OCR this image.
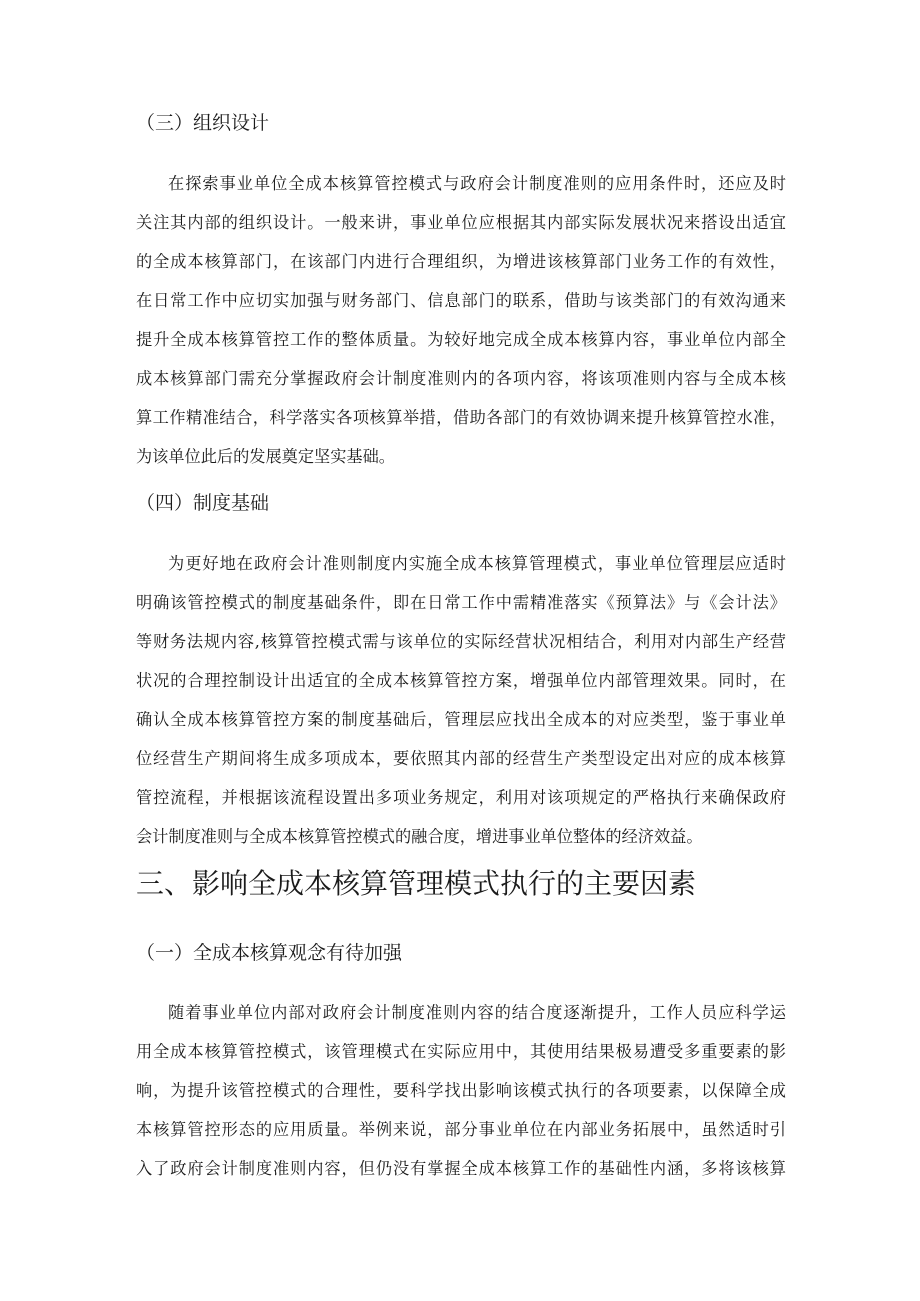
（三）组织设计

在探索事业单位全成本核算管控模式与政府会计制度准则的应用条件时，还应及时

关注其内部的组织设计。一般来讲，事业单位应根据其内部实际发展状况来搭设出适宜

的全成本核算部门，在该部门内进行合理组织，为增进该核算部门业务工作的有效性，

在日常工作中应切实加强与财务部门、信息部门的联系，借助与该类部门的有效沟通来

提升全成本核算管控工作的整体质量。为较好地完成全成本核算内容，事业单位内部全

成本核算部门需充分掌握政府会计制度准则内的各项内容，将该项准则内容与全成本核

算工作精准结合，科学落实各项核算举措，借助各部门的有效协调来提升核算管控水准，

为该单位此后的发展奠定坚实基础。

（四）制度基础

为更好地在政府会计准则制度内实施全成本核算管理模式，事业单位管理层应适时

明确该管控模式的制度基础条件，即在日常工作中需精准落实《预算法》与《会计法》

等财务法规内容,核算管控模式需与该单位的实际经营状况相结合，利用对内部生产经营

状况的合理控制设计出适宜的全成本核算管控方案，增强单位内部管理效果。同时，在

确认全成本核算管控方案的制度基础后，管理层应找出全成本的对应类型，鉴于事业单

位经营生产期间将生成多项成本，要依照其内部的经营生产类型设定出对应的成本核算

管控流程，并根据该流程设置出多项业务规定，利用对该项规定的严格执行来确保政府

会计制度准则与全成本核算管控模式的融合度，增进事业单位整体的经济效益。

三、影响全成本核算管理模式执行的主要因素
（一）全成本核算观念有待加强

随着事业单位内部对政府会计制度准则内容的结合度逐渐提升，工作人员应科学运

用全成本核算管控模式，该管理模式在实际应用中，其使用结果极易遭受多重要素的影

响，为提升该管控模式的合理性，要科学找出影响该模式执行的各项要素，以保障全成

本核算管控形态的应用质量。举例来说，部分事业单位在内部业务拓展中，虽然适时引

入了政府会计制度准则内容，但仍没有掌握全成本核算工作的基础性内涵，多将该核算
